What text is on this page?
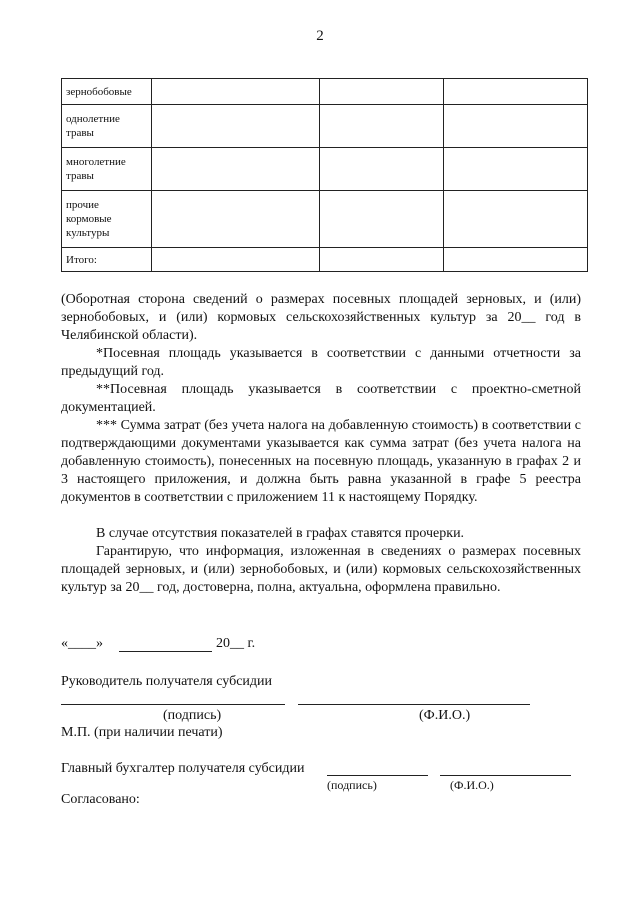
2
зернобобовые			
однолетние травы			
многолетние травы			
прочие кормовые культуры			
Итого:			
(Оборотная сторона сведений о размерах посевных площадей зерновых, и (или) зернобобовых, и (или) кормовых сельскохозяйственных культур за 20__ год в Челябинской области).
*Посевная площадь указывается в соответствии с данными отчетности за предыдущий год.
**Посевная площадь указывается в соответствии с проектно-сметной документацией.
*** Сумма затрат (без учета налога на добавленную стоимость) в соответствии с подтверждающими документами указывается как сумма затрат (без учета налога на добавленную стоимость), понесенных на посевную площадь, указанную в графах 2 и 3 настоящего приложения, и должна быть равна указанной в графе 5 реестра документов в соответствии с приложением 11 к настоящему Порядку.
В случае отсутствия показателей в графах ставятся прочерки.
Гарантирую, что информация, изложенная в сведениях о размерах посевных площадей зерновых, и (или) зернобобовых, и (или) кормовых сельскохозяйственных культур за 20__ год, достоверна, полна, актуальна, оформлена правильно.
«____»	20__ г.
Руководитель получателя субсидии
(подпись)	(Ф.И.О.)
М.П. (при наличии печати)
Главный бухгалтер получателя субсидии
(подпись)	(Ф.И.О.)
Согласовано:
